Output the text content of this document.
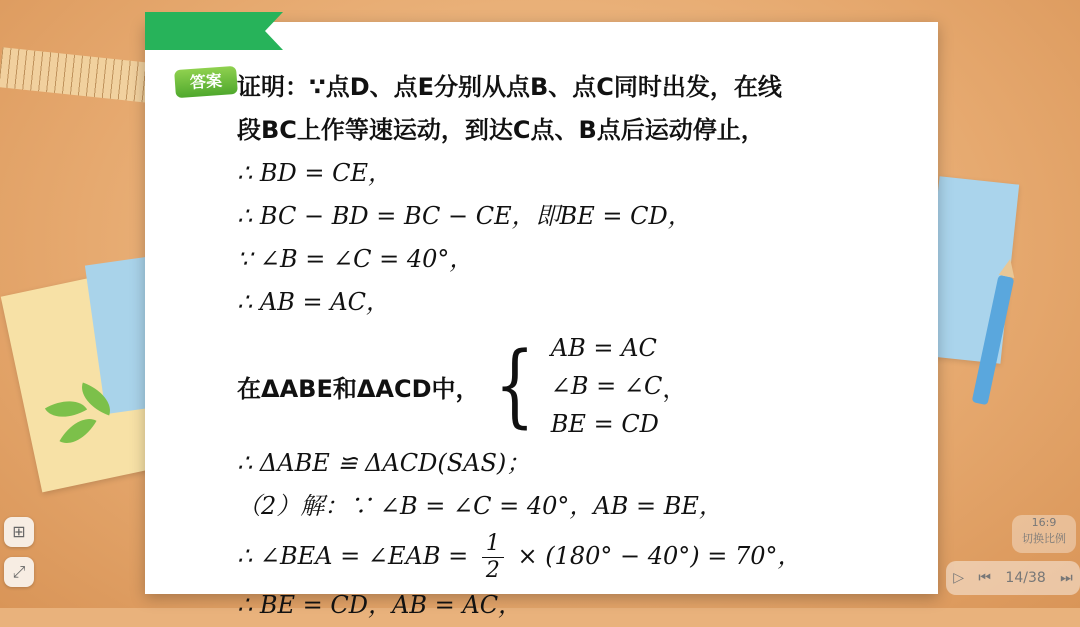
答案 证明：∵点D、点E分别从点B、点C同时出发，在线
段BC上作等速运动，到达C点、B点后运动停止，
∴ BD = CE，
∴ BC − BD = BC − CE，即BE = CD，
∵ ∠B = ∠C = 40°，
∴ AB = AC，
在ΔABE和ΔACD中， { AB = AC
∠B = ∠C
BE = CD
，
∴ ΔABE ≌ ΔACD(SAS)；
（2）解：∵ ∠B = ∠C = 40°，AB = BE，
∴ ∠BEA = ∠EAB = $\frac{1}{2} \times (180^\circ - 40^\circ) = 70^\circ$，
∴ BE = CD，AB = AC，
⊞
⤢
16:9
切换比例
▷ ⏮ 14/38 ⏭
